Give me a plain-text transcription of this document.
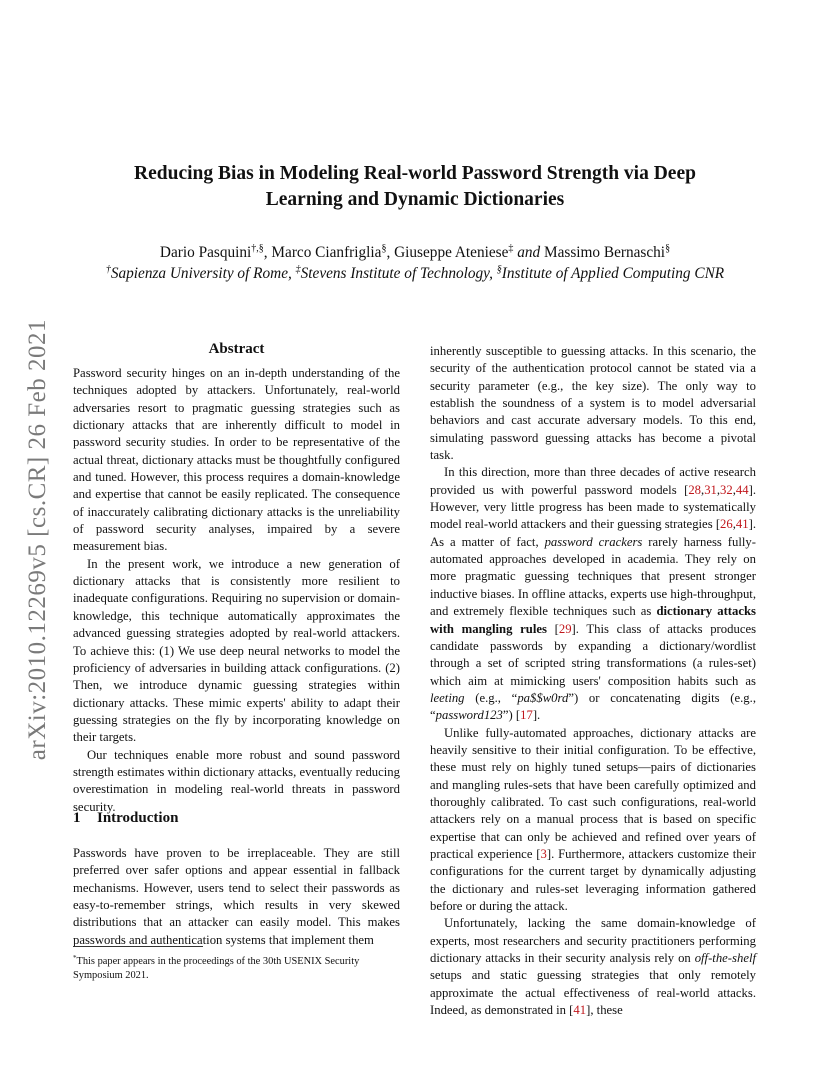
arXiv:2010.12269v5 [cs.CR] 26 Feb 2021
Reducing Bias in Modeling Real-world Password Strength via Deep Learning and Dynamic Dictionaries
Dario Pasquini†,§, Marco Cianfriglia§, Giuseppe Ateniese‡ and Massimo Bernaschi§
†Sapienza University of Rome, ‡Stevens Institute of Technology, §Institute of Applied Computing CNR
Abstract

Password security hinges on an in-depth understanding of the techniques adopted by attackers. Unfortunately, real-world adversaries resort to pragmatic guessing strategies such as dictionary attacks that are inherently difficult to model in password security studies. In order to be representative of the actual threat, dictionary attacks must be thoughtfully configured and tuned. However, this process requires a domain-knowledge and expertise that cannot be easily replicated. The consequence of inaccurately calibrating dictionary attacks is the unreliability of password security analyses, impaired by a severe measurement bias.

In the present work, we introduce a new generation of dictionary attacks that is consistently more resilient to inadequate configurations. Requiring no supervision or domain-knowledge, this technique automatically approximates the advanced guessing strategies adopted by real-world attackers. To achieve this: (1) We use deep neural networks to model the proficiency of adversaries in building attack configurations. (2) Then, we introduce dynamic guessing strategies within dictionary attacks. These mimic experts' ability to adapt their guessing strategies on the fly by incorporating knowledge on their targets.

Our techniques enable more robust and sound password strength estimates within dictionary attacks, eventually reducing overestimation in modeling real-world threats in password security.

1 Introduction

Passwords have proven to be irreplaceable. They are still preferred over safer options and appear essential in fallback mechanisms. However, users tend to select their passwords as easy-to-remember strings, which results in very skewed distributions that an attacker can easily model. This makes passwords and authentication systems that implement them

*This paper appears in the proceedings of the 30th USENIX Security Symposium 2021.

inherently susceptible to guessing attacks. In this scenario, the security of the authentication protocol cannot be stated via a security parameter (e.g., the key size). The only way to establish the soundness of a system is to model adversarial behaviors and cast accurate adversary models. To this end, simulating password guessing attacks has become a pivotal task.

In this direction, more than three decades of active research provided us with powerful password models [28,31,32,44]. However, very little progress has been made to systematically model real-world attackers and their guessing strategies [26,41]. As a matter of fact, password crackers rarely harness fully-automated approaches developed in academia. They rely on more pragmatic guessing techniques that present stronger inductive biases. In offline attacks, experts use high-throughput, and extremely flexible techniques such as dictionary attacks with mangling rules [29]. This class of attacks produces candidate passwords by expanding a dictionary/wordlist through a set of scripted string transformations (a rules-set) which aim at mimicking users' composition habits such as leeting (e.g., “pa$$w0rd”) or concatenating digits (e.g., “password123”) [17].

Unlike fully-automated approaches, dictionary attacks are heavily sensitive to their initial configuration. To be effective, these must rely on highly tuned setups—pairs of dictionaries and mangling rules-sets that have been carefully optimized and thoroughly calibrated. To cast such configurations, real-world attackers rely on a manual process that is based on specific expertise that can only be achieved and refined over years of practical experience [3]. Furthermore, attackers customize their configurations for the current target by dynamically adjusting the dictionary and rules-set leveraging information gathered before or during the attack.

Unfortunately, lacking the same domain-knowledge of experts, most researchers and security practitioners performing dictionary attacks in their security analysis rely on off-the-shelf setups and static guessing strategies that only remotely approximate the actual effectiveness of real-world attacks. Indeed, as demonstrated in [41], these
